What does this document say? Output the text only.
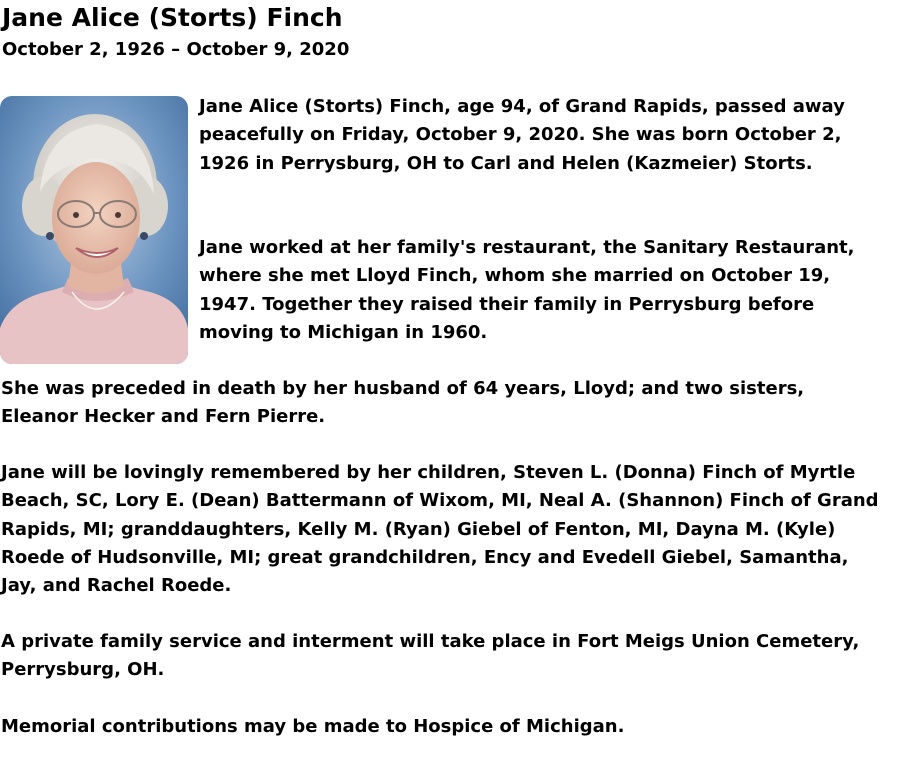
Jane Alice (Storts) Finch
October 2, 1926 – October 9, 2020

Jane Alice (Storts) Finch, age 94, of Grand Rapids, passed away peacefully on Friday, October 9, 2020. She was born October 2, 1926 in Perrysburg, OH to Carl and Helen (Kazmeier) Storts.

Jane worked at her family's restaurant, the Sanitary Restaurant, where she met Lloyd Finch, whom she married on October 19, 1947. Together they raised their family in Perrysburg before moving to Michigan in 1960.

She was preceded in death by her husband of 64 years, Lloyd; and two sisters, Eleanor Hecker and Fern Pierre.

Jane will be lovingly remembered by her children, Steven L. (Donna) Finch of Myrtle Beach, SC, Lory E. (Dean) Battermann of Wixom, MI, Neal A. (Shannon) Finch of Grand Rapids, MI; granddaughters, Kelly M. (Ryan) Giebel of Fenton, MI, Dayna M. (Kyle) Roede of Hudsonville, MI; great grandchildren, Ency and Evedell Giebel, Samantha, Jay, and Rachel Roede.

A private family service and interment will take place in Fort Meigs Union Cemetery, Perrysburg, OH.

Memorial contributions may be made to Hospice of Michigan.
